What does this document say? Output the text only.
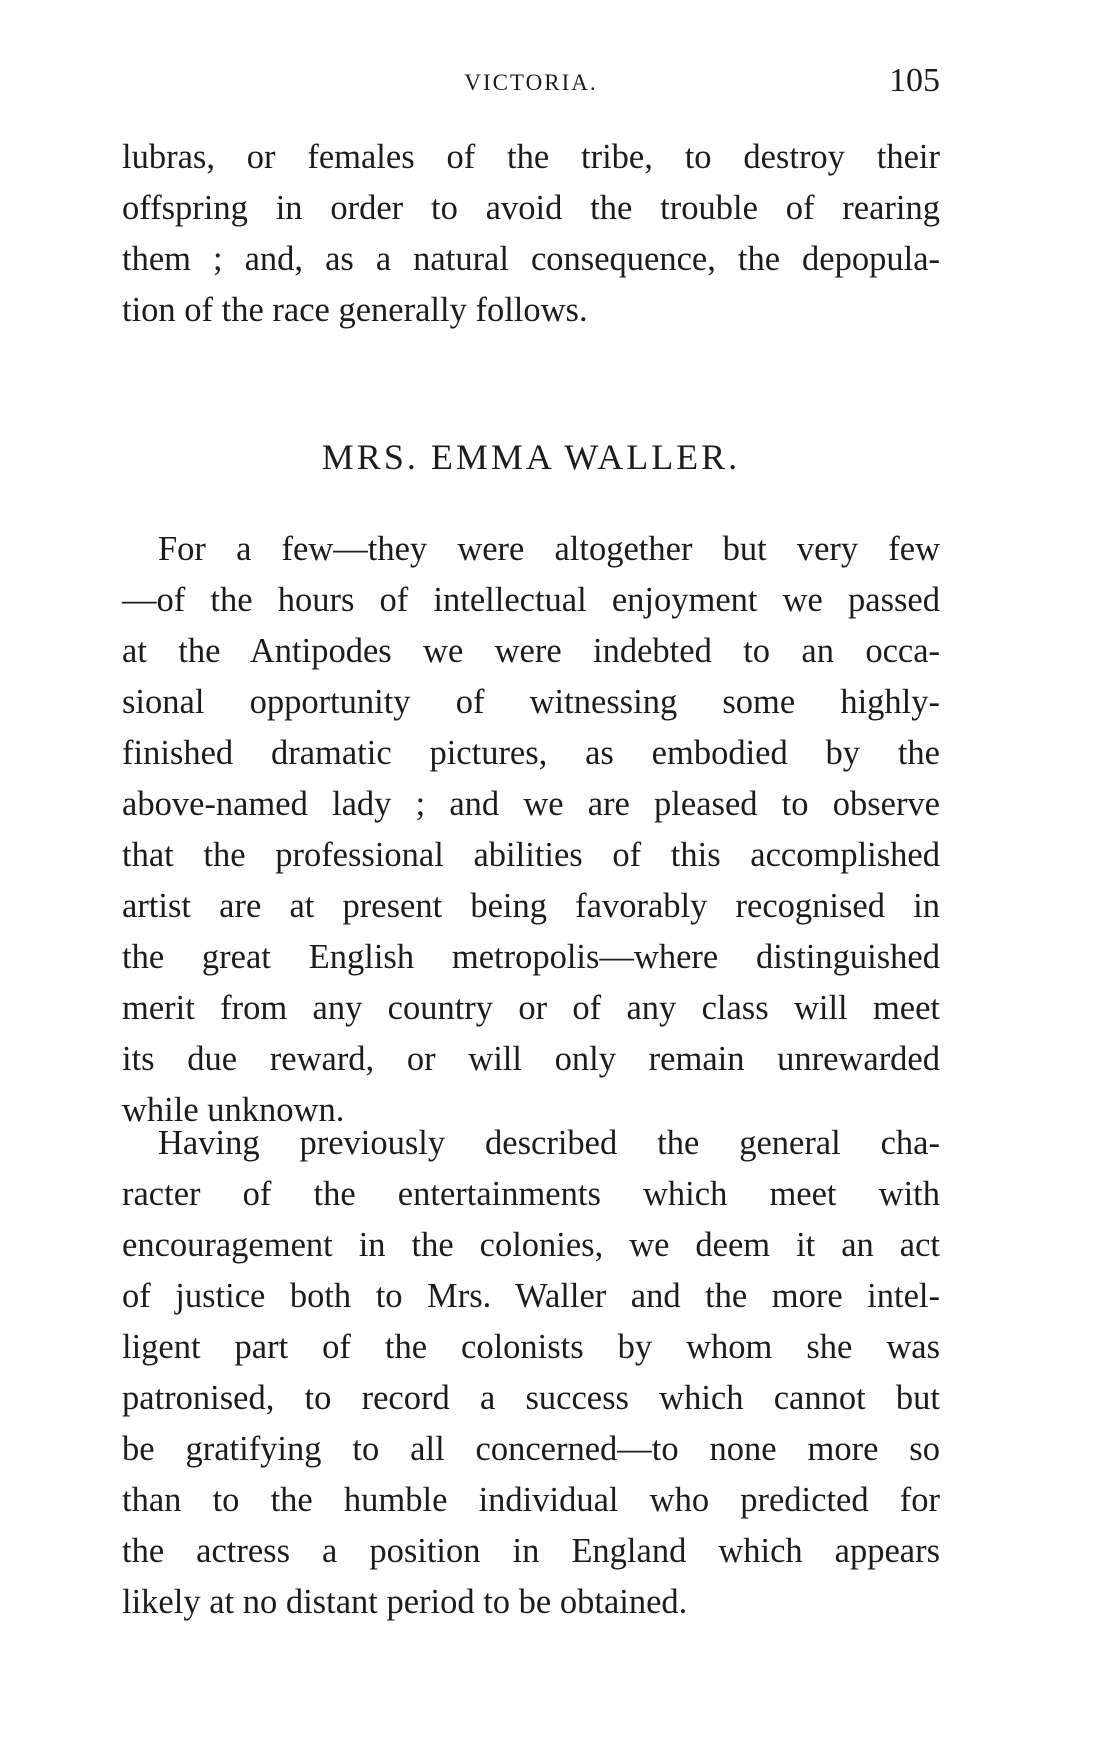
VICTORIA.	105
lubras, or females of the tribe, to destroy their
offspring in order to avoid the trouble of rearing
them ; and, as a natural consequence, the depopula-
tion of the race generally follows.
MRS. EMMA WALLER.
For a few—they were altogether but very few
—of the hours of intellectual enjoyment we passed
at the Antipodes we were indebted to an occa-
sional opportunity of witnessing some highly-
finished dramatic pictures, as embodied by the
above-named lady ; and we are pleased to observe
that the professional abilities of this accomplished
artist are at present being favorably recognised in
the great English metropolis—where distinguished
merit from any country or of any class will meet
its due reward, or will only remain unrewarded
while unknown.
Having previously described the general cha-
racter of the entertainments which meet with
encouragement in the colonies, we deem it an act
of justice both to Mrs. Waller and the more intel-
ligent part of the colonists by whom she was
patronised, to record a success which cannot but
be gratifying to all concerned—to none more so
than to the humble individual who predicted for
the actress a position in England which appears
likely at no distant period to be obtained.
